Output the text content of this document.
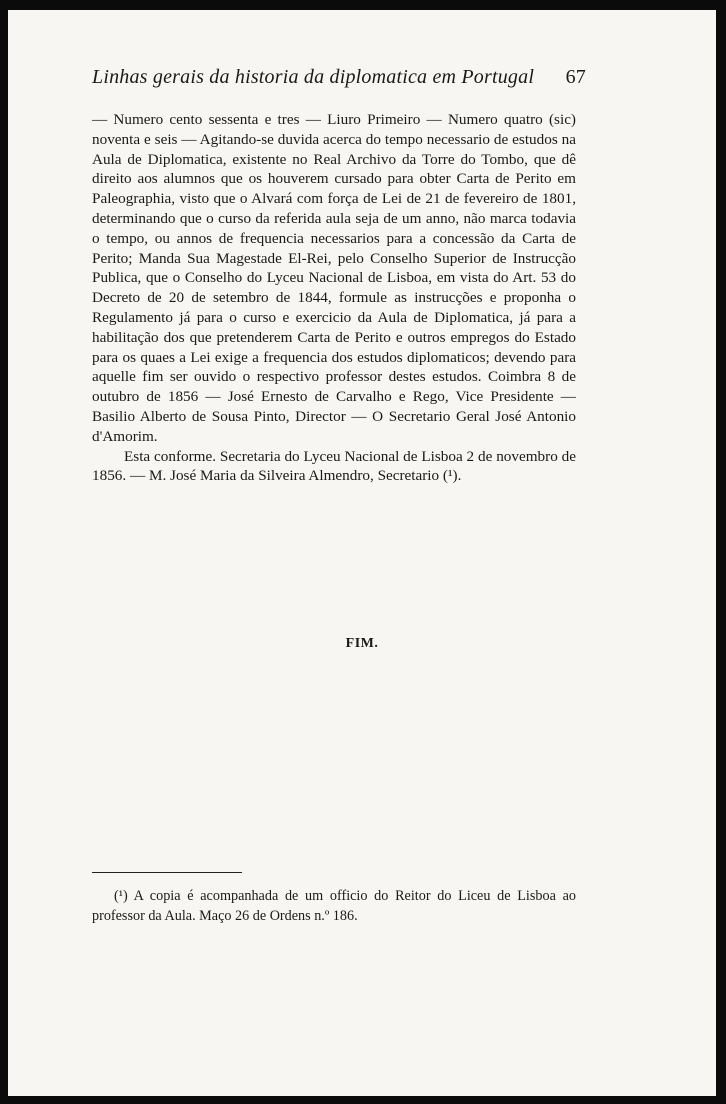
Linhas gerais da historia da diplomatica em Portugal 67

— Numero cento sessenta e tres — Liuro Primeiro — Numero quatro (sic) noventa e seis — Agitando-se duvida acerca do tempo necessario de estudos na Aula de Diplomatica, existente no Real Archivo da Torre do Tombo, que dê direito aos alumnos que os houverem cursado para obter Carta de Perito em Paleographia, visto que o Alvará com força de Lei de 21 de fevereiro de 1801, determinando que o curso da referida aula seja de um anno, não marca todavia o tempo, ou annos de frequencia necessarios para a concessão da Carta de Perito; Manda Sua Magestade El-Rei, pelo Conselho Superior de Instrucção Publica, que o Conselho do Lyceu Nacional de Lisboa, em vista do Art. 53 do Decreto de 20 de setembro de 1844, formule as instrucções e proponha o Regulamento já para o curso e exercicio da Aula de Diplomatica, já para a habilitação dos que pretenderem Carta de Perito e outros empregos do Estado para os quaes a Lei exige a frequencia dos estudos diplomaticos; devendo para aquelle fim ser ouvido o respectivo professor destes estudos. Coimbra 8 de outubro de 1856 — José Ernesto de Carvalho e Rego, Vice Presidente — Basilio Alberto de Sousa Pinto, Director — O Secretario Geral José Antonio d'Amorim.

Esta conforme. Secretaria do Lyceu Nacional de Lisboa 2 de novembro de 1856. — M. José Maria da Silveira Almendro, Secretario (¹).

FIM.
(¹) A copia é acompanhada de um officio do Reitor do Liceu de Lisboa ao professor da Aula. Maço 26 de Ordens n.º 186.
